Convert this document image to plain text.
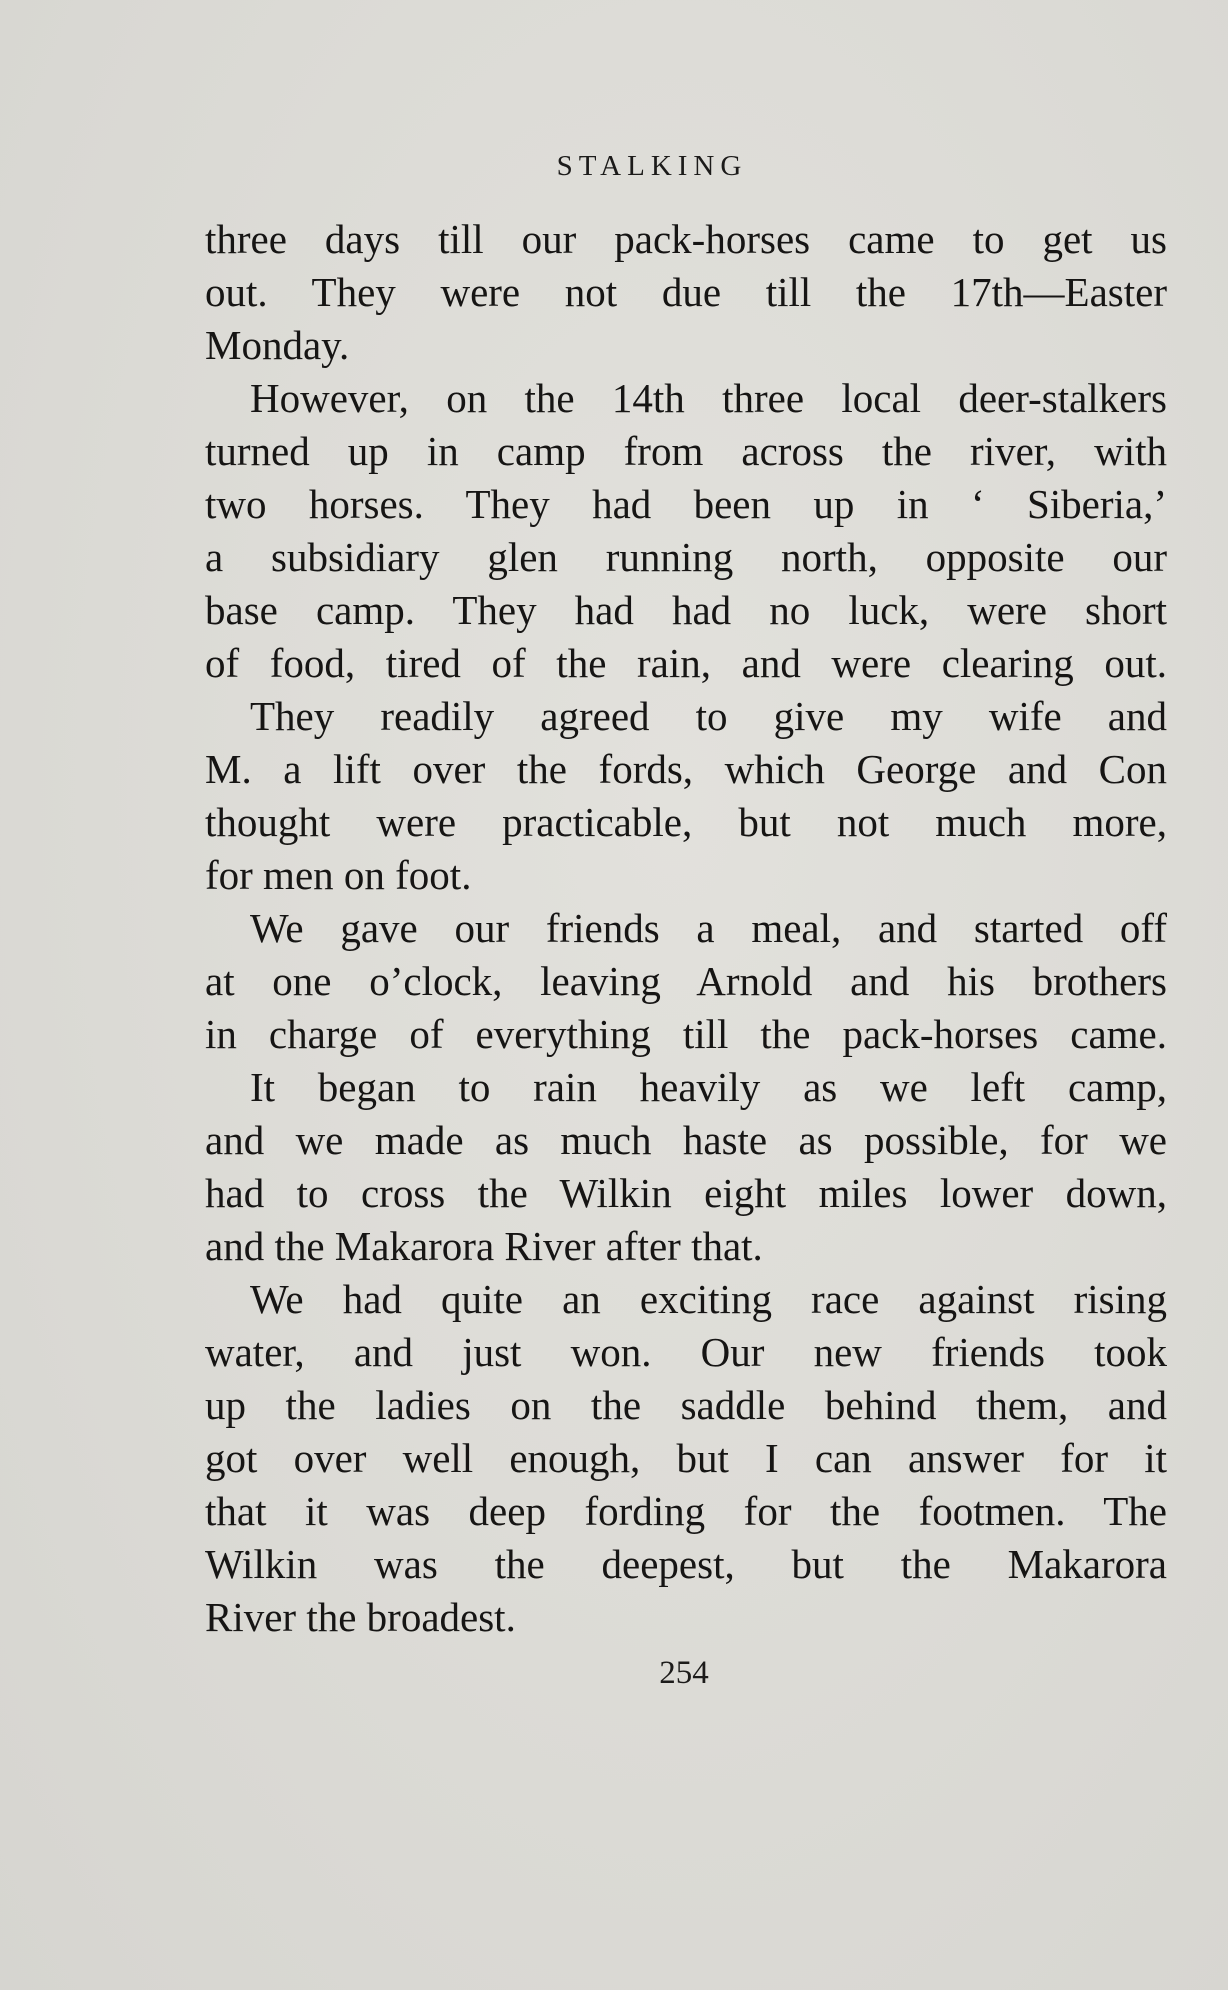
STALKING
three days till our pack-horses came to get us
out. They were not due till the 17th—Easter
Monday.
However, on the 14th three local deer-stalkers
turned up in camp from across the river, with
two horses. They had been up in ‘ Siberia,’
a subsidiary glen running north, opposite our
base camp. They had had no luck, were short
of food, tired of the rain, and were clearing out.
They readily agreed to give my wife and
M. a lift over the fords, which George and Con
thought were practicable, but not much more,
for men on foot.
We gave our friends a meal, and started off
at one o’clock, leaving Arnold and his brothers
in charge of everything till the pack-horses came.
It began to rain heavily as we left camp,
and we made as much haste as possible, for we
had to cross the Wilkin eight miles lower down,
and the Makarora River after that.
We had quite an exciting race against rising
water, and just won. Our new friends took
up the ladies on the saddle behind them, and
got over well enough, but I can answer for it
that it was deep fording for the footmen. The
Wilkin was the deepest, but the Makarora
River the broadest.
254
